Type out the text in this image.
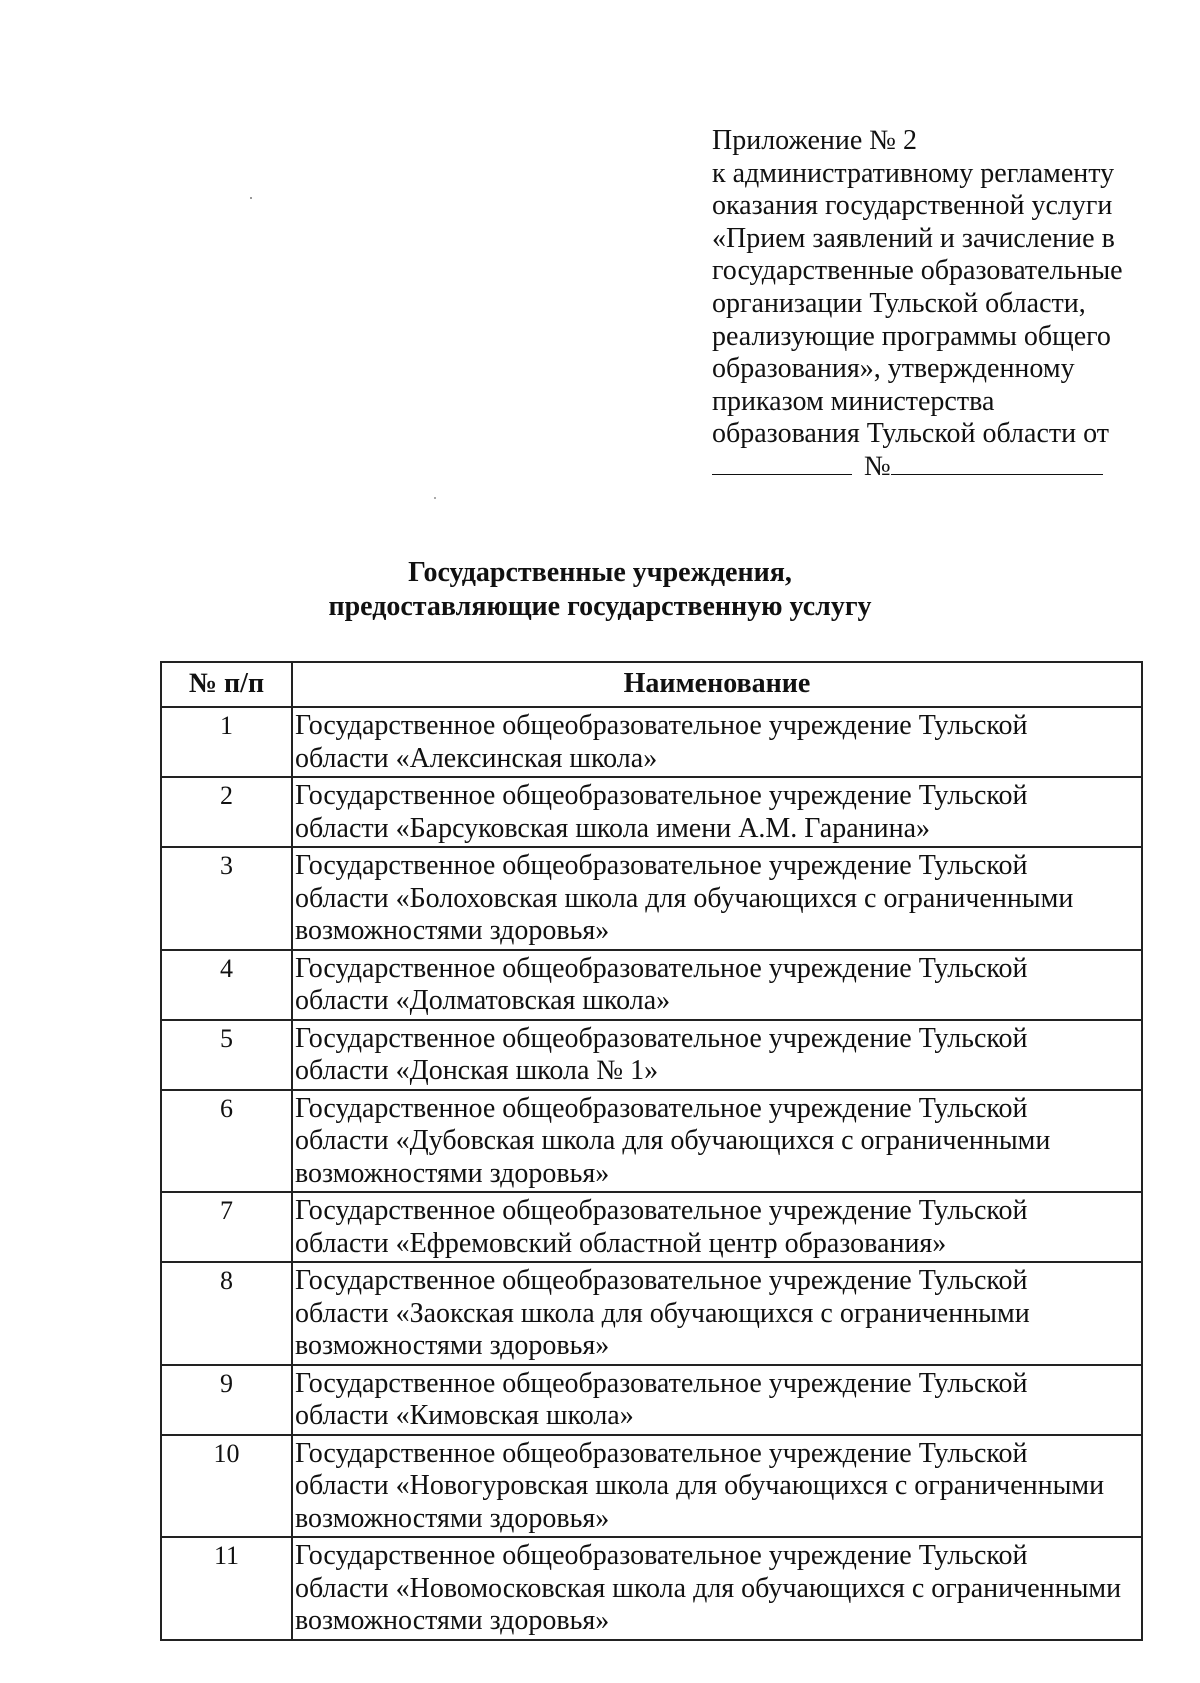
Приложение № 2
к административному регламенту
оказания государственной услуги
«Прием заявлений и зачисление в
государственные образовательные
организации Тульской области,
реализующие программы общего
образования», утвержденному
приказом министерства
образования Тульской области от
№
Государственные учреждения,
предоставляющие государственную услугу
№ п/п	Наименование
1	Государственное общеобразовательное учреждение Тульской
области «Алексинская школа»

2	Государственное общеобразовательное учреждение Тульской
области «Барсуковская школа имени А.М. Гаранина»

3	Государственное общеобразовательное учреждение Тульской
области «Болоховская школа для обучающихся с ограниченными
возможностями здоровья»

4	Государственное общеобразовательное учреждение Тульской
области «Долматовская школа»

5	Государственное общеобразовательное учреждение Тульской
области «Донская школа № 1»

6	Государственное общеобразовательное учреждение Тульской
области «Дубовская школа для обучающихся с ограниченными
возможностями здоровья»

7	Государственное общеобразовательное учреждение Тульской
области «Ефремовский областной центр образования»

8	Государственное общеобразовательное учреждение Тульской
области «Заокская школа для обучающихся с ограниченными
возможностями здоровья»

9	Государственное общеобразовательное учреждение Тульской
области «Кимовская школа»

10	Государственное общеобразовательное учреждение Тульской
области «Новогуровская школа для обучающихся с ограниченными
возможностями здоровья»

11	Государственное общеобразовательное учреждение Тульской
области «Новомосковская школа для обучающихся с ограниченными
возможностями здоровья»
